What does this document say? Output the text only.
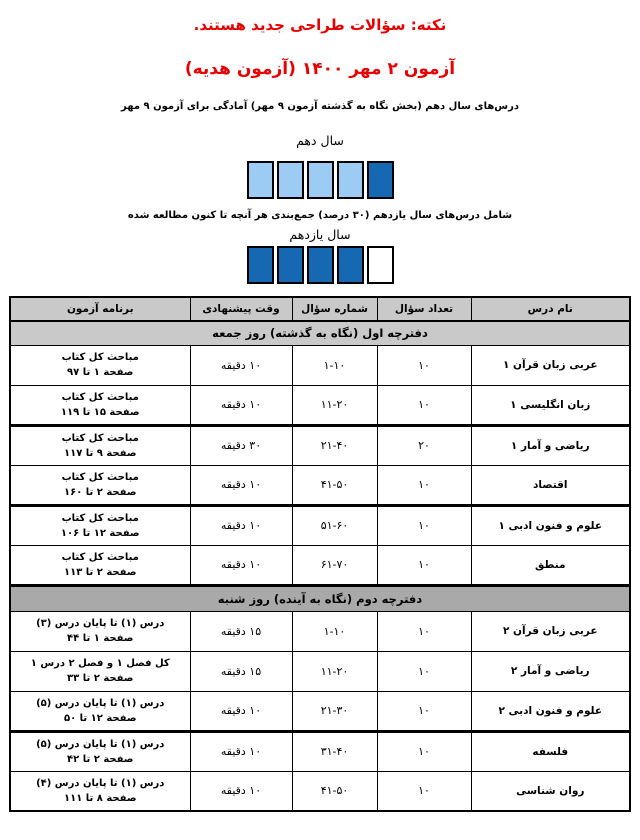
نکته: سؤالات طراحی جدید هستند.
آزمون ۲ مهر ۱۴۰۰ (آزمون هدیه)
درس‌های سال دهم (بخش نگاه به گذشته آزمون ۹ مهر) آمادگی برای آزمون ۹ مهر
سال دهم
شامل درس‌های سال یازدهم (۳۰ درصد) جمع‌بندی هر آنچه تا کنون مطالعه شده
سال یازدهم
نام درس	تعداد سؤال	شماره سؤال	وقت پیشنهادی	برنامه آزمون
دفترچه اول (نگاه به گذشته) روز جمعه				
عربی زبان قرآن ۱	۱۰	۱-۱۰	۱۰ دقیقه	مباحث کل کتاب
صفحة ۱ تا ۹۷

زبان انگلیسی ۱	۱۰	۱۱-۲۰	۱۰ دقیقه	مباحث کل کتاب
صفحة ۱۵ تا ۱۱۹

ریاضی و آمار ۱	۲۰	۲۱-۴۰	۳۰ دقیقه	مباحث کل کتاب
صفحة ۹ تا ۱۱۷

اقتصاد	۱۰	۴۱-۵۰	۱۰ دقیقه	مباحث کل کتاب
صفحة ۲ تا ۱۶۰

علوم و فنون ادبی ۱	۱۰	۵۱-۶۰	۱۰ دقیقه	مباحث کل کتاب
صفحة ۱۲ تا ۱۰۶

منطق	۱۰	۶۱-۷۰	۱۰ دقیقه	مباحث کل کتاب
صفحة ۲ تا ۱۱۳

دفترچه دوم (نگاه به آینده) روز شنبه				
عربی زبان قرآن ۲	۱۰	۱-۱۰	۱۵ دقیقه	درس (۱) تا پایان درس (۳)
صفحة ۱ تا ۴۴

ریاضی و آمار ۲	۱۰	۱۱-۲۰	۱۵ دقیقه	کل فصل ۱ و فصل ۲ درس ۱
صفحة ۲ تا ۳۳

علوم و فنون ادبی ۲	۱۰	۲۱-۳۰	۱۰ دقیقه	درس (۱) تا پایان درس (۵)
صفحة ۱۲ تا ۵۰

فلسفه	۱۰	۳۱-۴۰	۱۰ دقیقه	درس (۱) تا پایان درس (۵)
صفحة ۲ تا ۴۲

روان شناسی	۱۰	۴۱-۵۰	۱۰ دقیقه	درس (۱) تا پایان درس (۴)
صفحة ۸ تا ۱۱۱
